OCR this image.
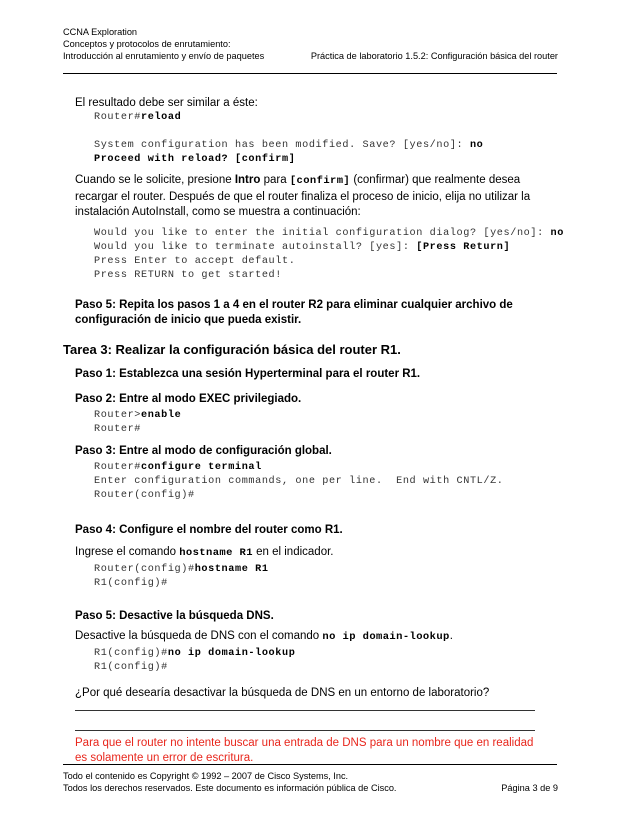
CCNA Exploration
Conceptos y protocolos de enrutamiento:
Introducción al enrutamiento y envío de paquetes	Práctica de laboratorio 1.5.2: Configuración básica del router
El resultado debe ser similar a éste:
Router#reload

System configuration has been modified. Save? [yes/no]: no
Proceed with reload? [confirm]
Cuando se le solicite, presione Intro para [confirm] (confirmar) que realmente desea recargar el router. Después de que el router finaliza el proceso de inicio, elija no utilizar la instalación AutoInstall, como se muestra a continuación:
Would you like to enter the initial configuration dialog? [yes/no]: no
Would you like to terminate autoinstall? [yes]: [Press Return]
Press Enter to accept default.
Press RETURN to get started!
Paso 5: Repita los pasos 1 a 4 en el router R2 para eliminar cualquier archivo de configuración de inicio que pueda existir.
Tarea 3: Realizar la configuración básica del router R1.
Paso 1: Establezca una sesión Hyperterminal para el router R1.
Paso 2: Entre al modo EXEC privilegiado.
Router>enable
Router#
Paso 3: Entre al modo de configuración global.
Router#configure terminal
Enter configuration commands, one per line.  End with CNTL/Z.
Router(config)#
Paso 4: Configure el nombre del router como R1.
Ingrese el comando hostname R1 en el indicador.
Router(config)#hostname R1
R1(config)#
Paso 5: Desactive la búsqueda DNS.
Desactive la búsqueda de DNS con el comando no ip domain-lookup.
R1(config)#no ip domain-lookup
R1(config)#
¿Por qué desearía desactivar la búsqueda de DNS en un entorno de laboratorio?
Para que el router no intente buscar una entrada de DNS para un nombre que en realidad es solamente un error de escritura.
Todo el contenido es Copyright © 1992 – 2007 de Cisco Systems, Inc.
Todos los derechos reservados. Este documento es información pública de Cisco.	Página 3 de 9
